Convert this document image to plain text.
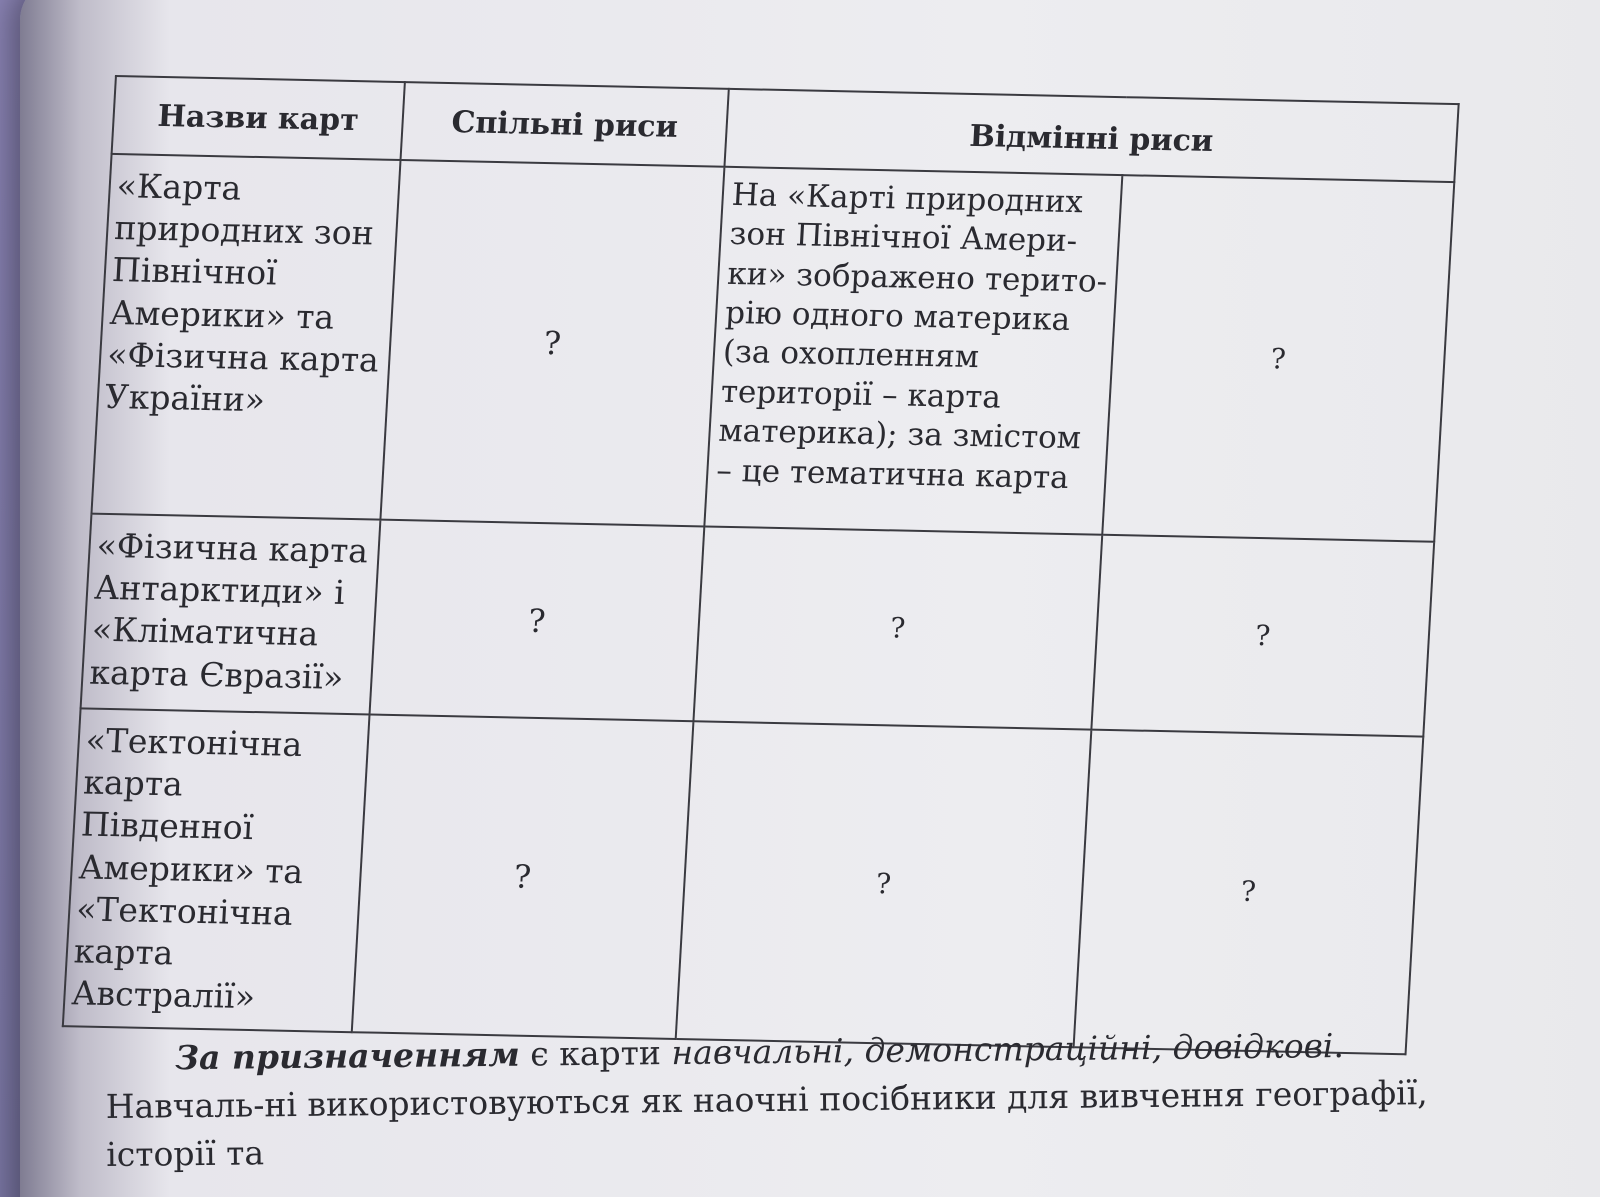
Назви карт	Спільні риси	Відмінні риси	
«Карта природних зон Північної Америки» та «Фізична карта України»	?	На «Карті природних зон Північної Амери-ки» зображено терито-рію одного материка (за охопленням території – карта материка); за змістом – це тематична карта	?
«Фізична карта Антарктиди» і «Кліматична карта Євразії»	?	?	?
«Тектонічна карта Південної Америки» та «Тектонічна карта Австралії»	?	?	?
За призначенням є карти навчальні, демонстраційні, довідкові. Навчаль-ні використовуються як наочні посібники для вивчення географії, історії та
